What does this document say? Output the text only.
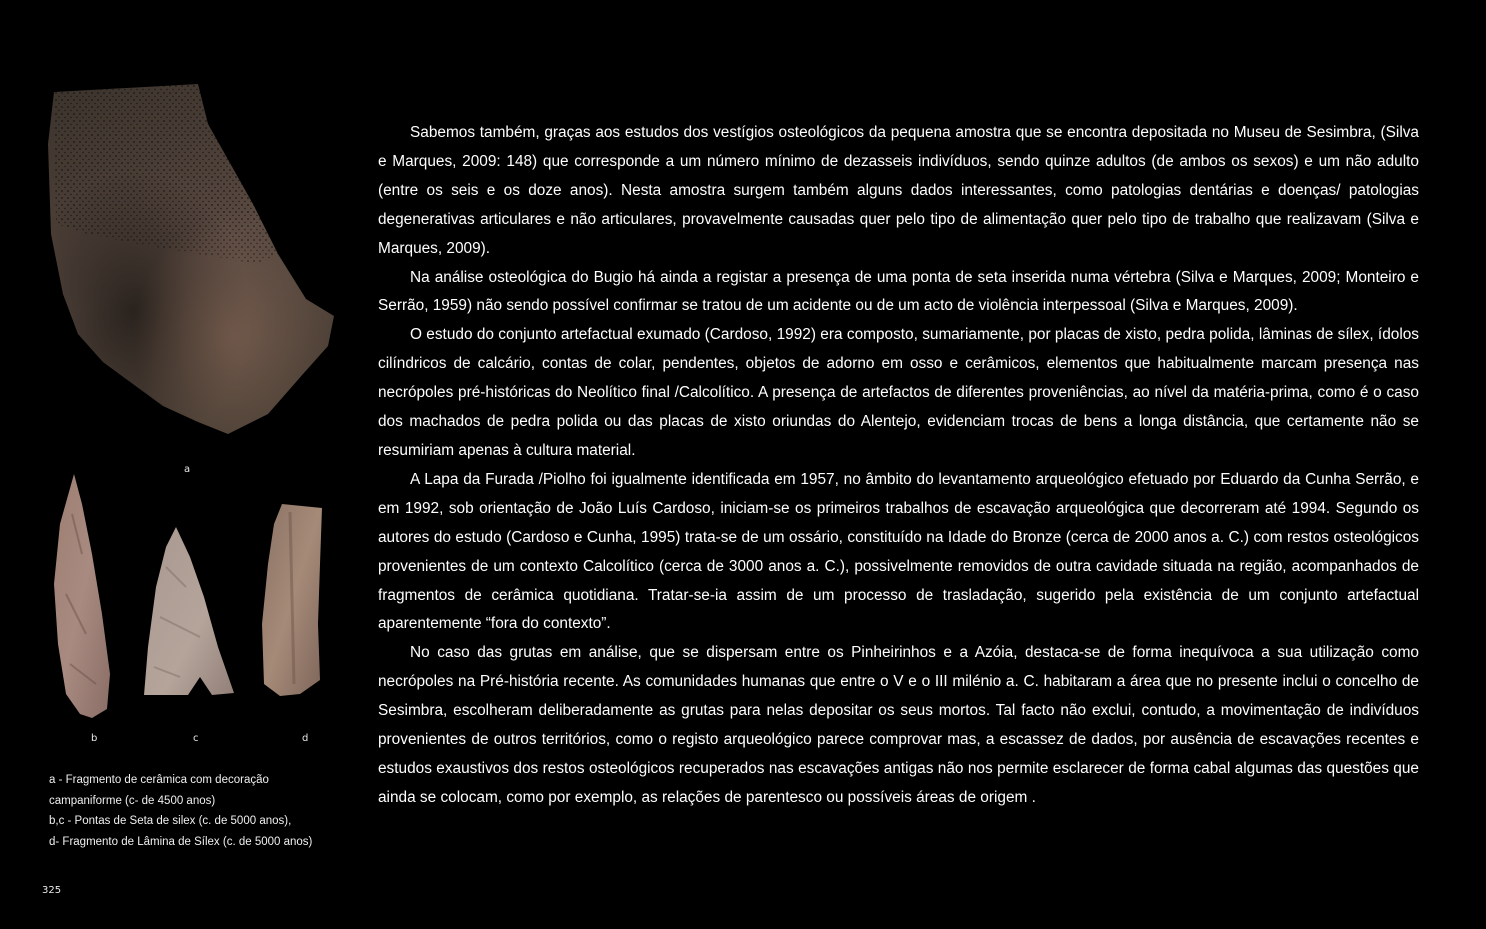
a
b	c	d
a - Fragmento de cerâmica com decoração
campaniforme (c- de 4500 anos)
b,c - Pontas de Seta de silex (c. de 5000 anos),
d- Fragmento de Lâmina de Sílex (c. de 5000 anos)

Sabemos também, graças aos estudos dos vestígios osteológicos da pequena amostra que se encontra depositada no Museu de Sesimbra, (Silva e Marques, 2009: 148) que corresponde a um número mínimo de dezasseis indivíduos, sendo quinze adultos (de ambos os sexos) e um não adulto (entre os seis e os doze anos). Nesta amostra surgem também alguns dados interessantes, como patologias dentárias e doenças/ patologias degenerativas articulares e não articulares, provavelmente causadas quer pelo tipo de alimentação quer pelo tipo de trabalho que realizavam (Silva e Marques, 2009).

Na análise osteológica do Bugio há ainda a registar a presença de uma ponta de seta inserida numa vértebra (Silva e Marques, 2009; Monteiro e Serrão, 1959) não sendo possível confirmar se tratou de um acidente ou de um acto de violência interpessoal (Silva e Marques, 2009).

O estudo do conjunto artefactual exumado (Cardoso, 1992) era composto, sumariamente, por placas de xisto, pedra polida, lâminas de sílex, ídolos cilíndricos de calcário, contas de colar, pendentes, objetos de adorno em osso e cerâmicos, elementos que habitualmente marcam presença nas necrópoles pré-históricas do Neolítico final /Calcolítico. A presença de artefactos de diferentes proveniências, ao nível da matéria-prima, como é o caso dos machados de pedra polida ou das placas de xisto oriundas do Alentejo, evidenciam trocas de bens a longa distância, que certamente não se resumiriam apenas à cultura material.

A Lapa da Furada /Piolho foi igualmente identificada em 1957, no âmbito do levantamento arqueológico efetuado por Eduardo da Cunha Serrão, e em 1992, sob orientação de João Luís Cardoso, iniciam-se os primeiros trabalhos de escavação arqueológica que decorreram até 1994. Segundo os autores do estudo (Cardoso e Cunha, 1995) trata-se de um ossário, constituído na Idade do Bronze (cerca de 2000 anos a. C.) com restos osteológicos provenientes de um contexto Calcolítico (cerca de 3000 anos a. C.), possivelmente removidos de outra cavidade situada na região, acompanhados de fragmentos de cerâmica quotidiana. Tratar-se-ia assim de um processo de trasladação, sugerido pela existência de um conjunto artefactual aparentemente “fora do contexto”.

No caso das grutas em análise, que se dispersam entre os Pinheirinhos e a Azóia, destaca-se de forma inequívoca a sua utilização como necrópoles na Pré-história recente. As comunidades humanas que entre o V e o III milénio a. C. habitaram a área que no presente inclui o concelho de Sesimbra, escolheram deliberadamente as grutas para nelas depositar os seus mortos. Tal facto não exclui, contudo, a movimentação de indivíduos provenientes de outros territórios, como o registo arqueológico parece comprovar mas, a escassez de dados, por ausência de escavações recentes e estudos exaustivos dos restos osteológicos recuperados nas escavações antigas não nos permite esclarecer de forma cabal algumas das questões que ainda se colocam, como por exemplo, as relações de parentesco ou possíveis áreas de origem .

325
